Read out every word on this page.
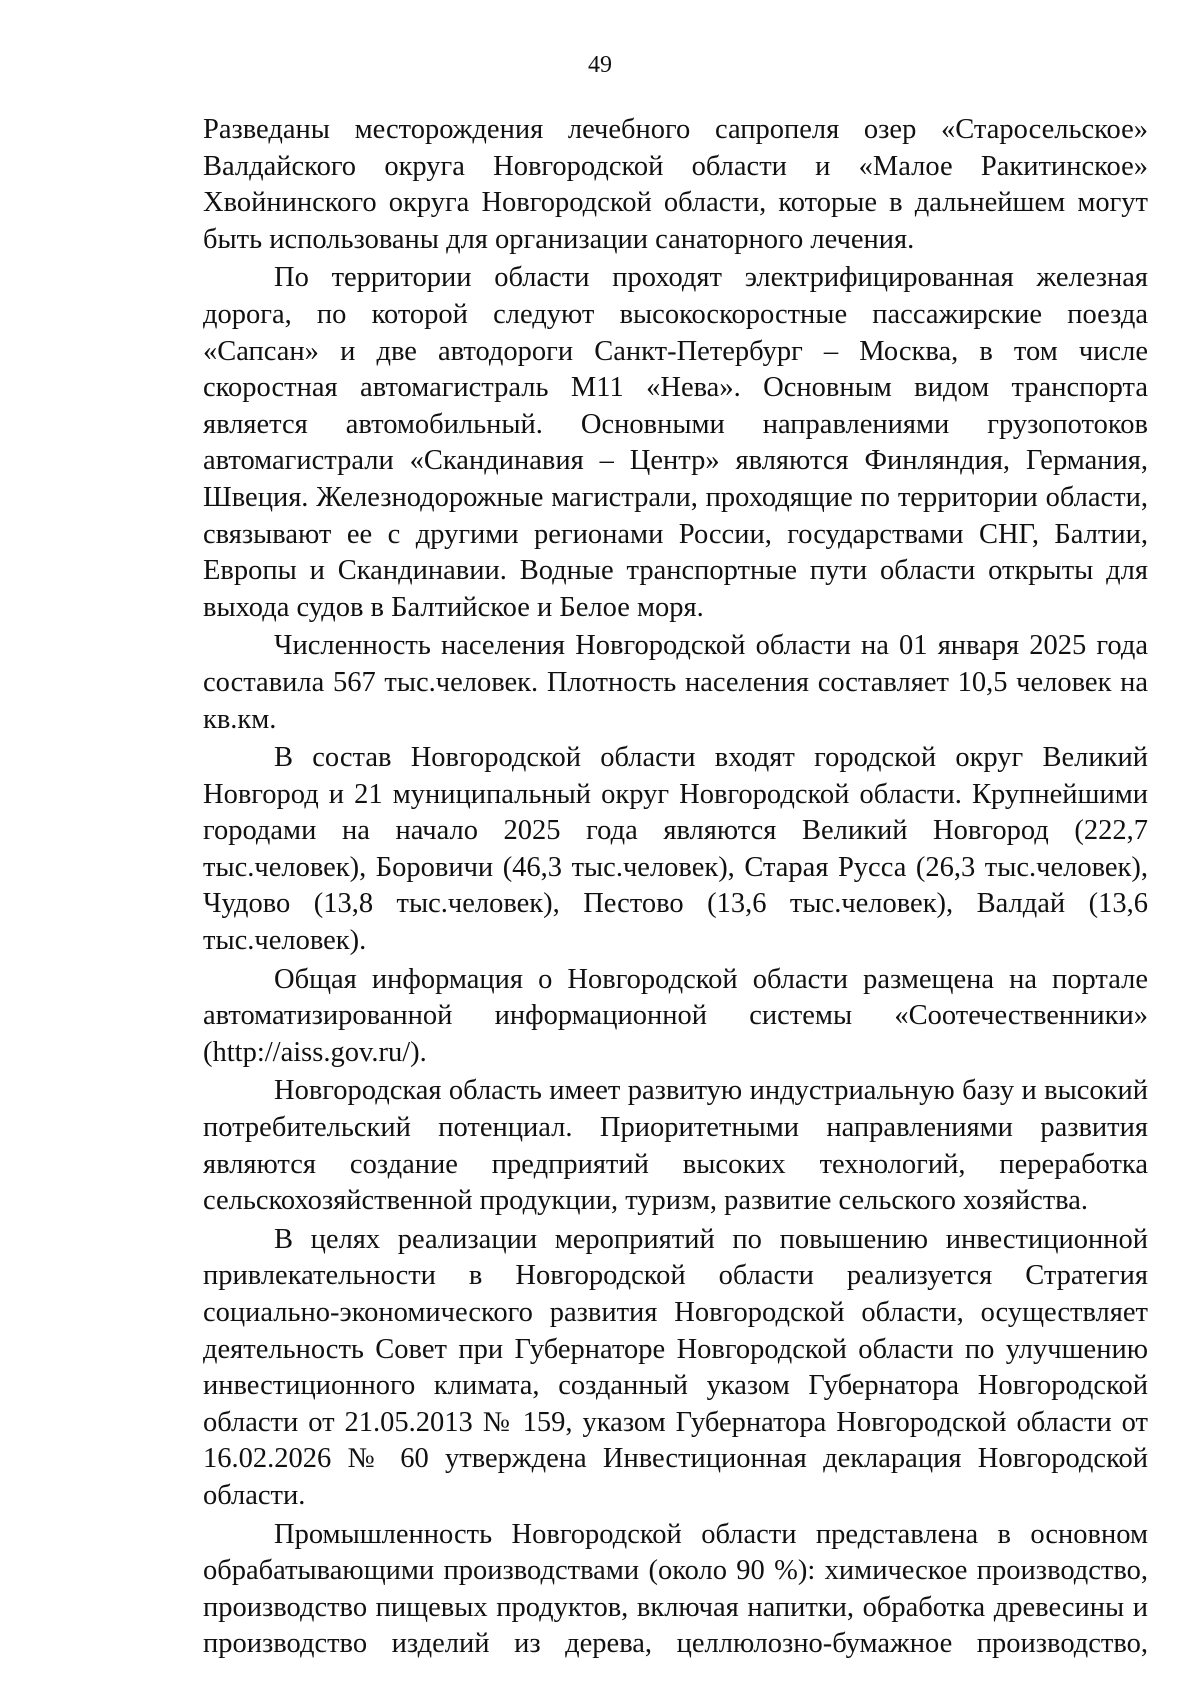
49

Разведаны месторождения лечебного сапропеля озер «Старосельское» Валдайского округа Новгородской области и «Малое Ракитинское» Хвойнинского округа Новгородской области, которые в дальнейшем могут быть использованы для организации санаторного лечения.

По территории области проходят электрифицированная железная дорога, по которой следуют высокоскоростные пассажирские поезда «Сапсан» и две автодороги Санкт-Петербург – Москва, в том числе скоростная автомагистраль М11 «Нева». Основным видом транспорта является автомобильный. Основными направлениями грузопотоков автомагистрали «Скандинавия – Центр» являются Финляндия, Германия, Швеция. Железнодорожные магистрали, проходящие по территории области, связывают ее с другими регионами России, государствами СНГ, Балтии, Европы и Скандинавии. Водные транспортные пути области открыты для выхода судов в Балтийское и Белое моря.

Численность населения Новгородской области на 01 января 2025 года составила 567 тыс.человек. Плотность населения составляет 10,5 человек на кв.км.

В состав Новгородской области входят городской округ Великий Новгород и 21 муниципальный округ Новгородской области. Крупнейшими городами на начало 2025 года являются Великий Новгород (222,7 тыс.человек), Боровичи (46,3 тыс.человек), Старая Русса (26,3 тыс.человек), Чудово (13,8 тыс.человек), Пестово (13,6 тыс.человек), Валдай (13,6 тыс.человек).

Общая информация о Новгородской области размещена на портале автоматизированной информационной системы «Соотечественники» (http://aiss.gov.ru/).

Новгородская область имеет развитую индустриальную базу и высокий потребительский потенциал. Приоритетными направлениями развития являются создание предприятий высоких технологий, переработка сельскохозяйственной продукции, туризм, развитие сельского хозяйства.

В целях реализации мероприятий по повышению инвестиционной привлекательности в Новгородской области реализуется Стратегия социально-экономического развития Новгородской области, осуществляет деятельность Совет при Губернаторе Новгородской области по улучшению инвестиционного климата, созданный указом Губернатора Новгородской области от 21.05.2013 № 159, указом Губернатора Новгородской области от 16.02.2026 № 60 утверждена Инвестиционная декларация Новгородской области.

Промышленность Новгородской области представлена в основном обрабатывающими производствами (около 90 %): химическое производство, производство пищевых продуктов, включая напитки, обработка древесины и производство изделий из дерева, целлюлозно-бумажное производство,
